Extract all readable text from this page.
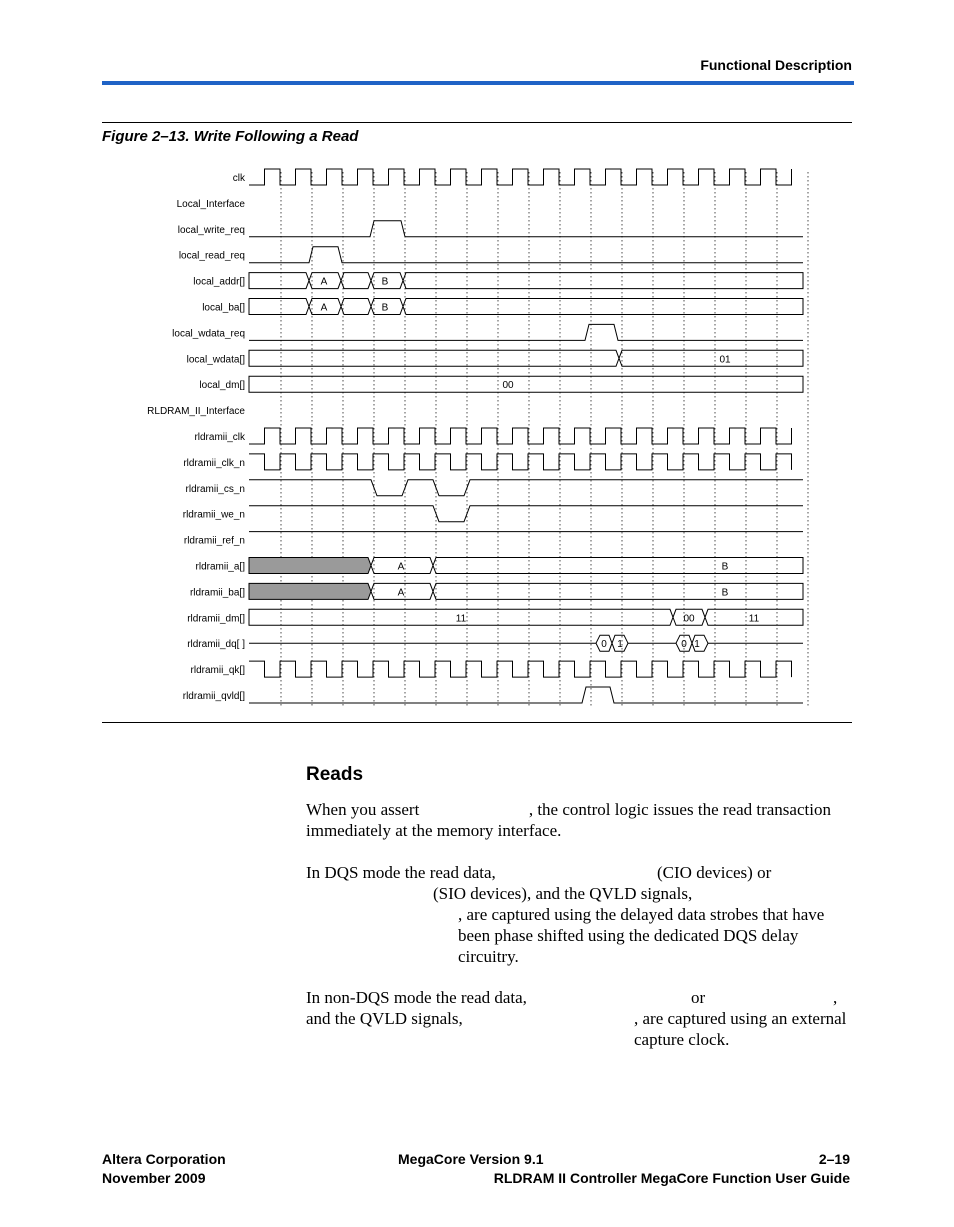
Functional Description
Figure 2–13. Write Following a Read
A	B
A	B
01
00
A	B
A	B
11	00	11
0 1	0 1
clk
Local_Interface
local_write_req
local_read_req
local_addr[]
local_ba[]
local_wdata_req
local_wdata[]
local_dm[]
RLDRAM_II_Interface
rldramii_clk
rldramii_clk_n
rldramii_cs_n
rldramii_we_n
rldramii_ref_n
rldramii_a[]
rldramii_ba[]
rldramii_dm[]
rldramii_dq[ ]
rldramii_qk[]
rldramii_qvld[]
Reads

When you assert local_read_req , the control logic issues the read transaction immediately at the memory interface.

In DQS mode the read data,	(CIO devices) or
(SIO devices), and the QVLD signals,
, are captured using the delayed data strobes that have been phase shifted using the dedicated DQS delay circuitry.
In non-DQS mode the read data,	or	,
and the QVLD signals,	, are captured using an external capture clock.
Altera Corporation
November 2009
MegaCore Version 9.1	2–19
RLDRAM II Controller MegaCore Function User Guide
